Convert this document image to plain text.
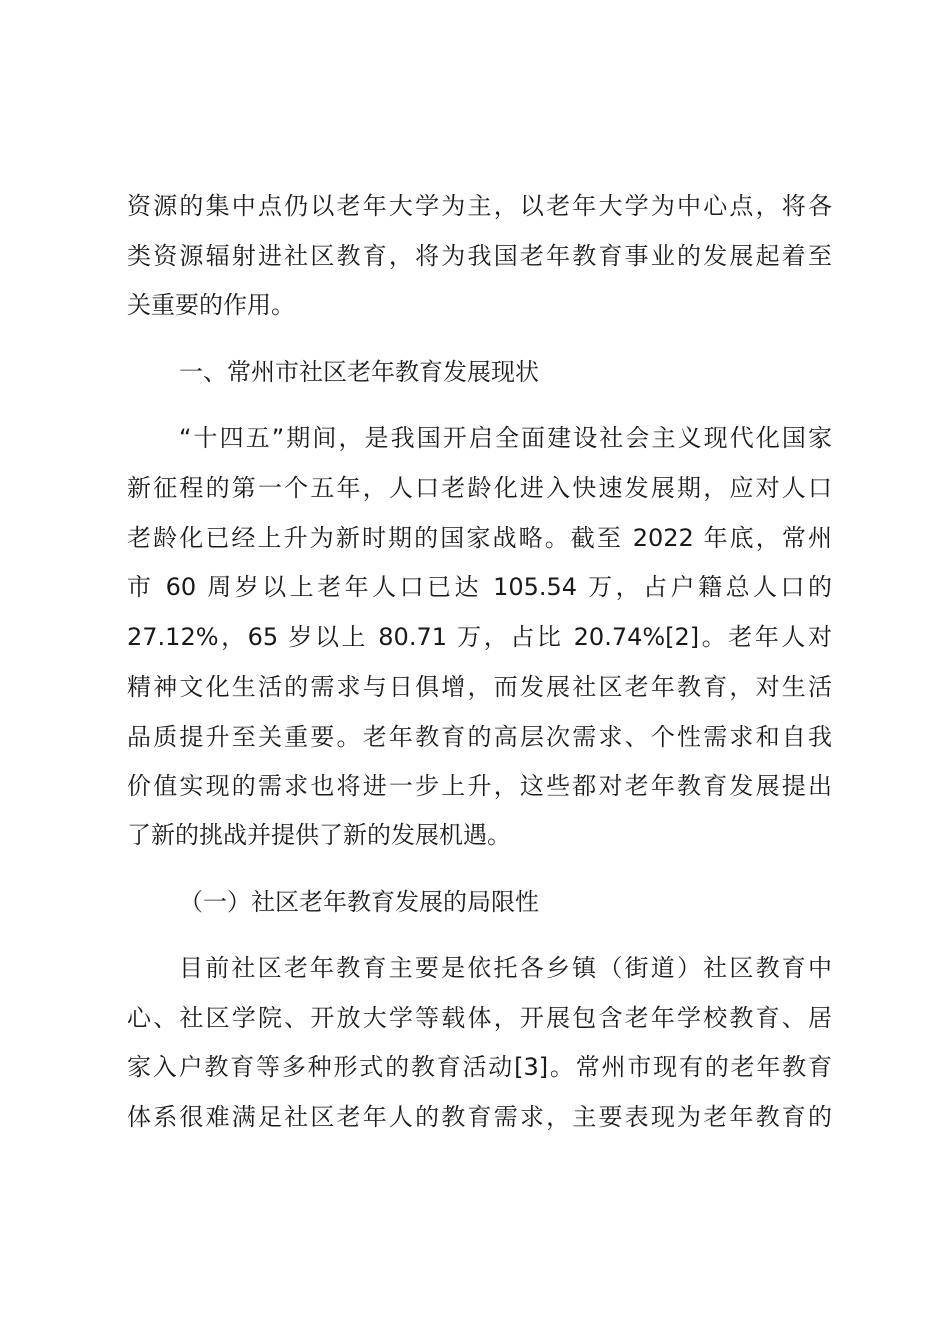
资源的集中点仍以老年大学为主，以老年大学为中心点，将各
类资源辐射进社区教育，将为我国老年教育事业的发展起着至
关重要的作用。
一、常州市社区老年教育发展现状
“十四五”期间，是我国开启全面建设社会主义现代化国家
新征程的第一个五年，人口老龄化进入快速发展期，应对人口
老龄化已经上升为新时期的国家战略。截至 2022 年底，常州
市 60 周岁以上老年人口已达 105.54 万，占户籍总人口的
27.12%，65 岁以上 80.71 万，占比 20.74%[2]。老年人对
精神文化生活的需求与日俱增，而发展社区老年教育，对生活
品质提升至关重要。老年教育的高层次需求、个性需求和自我
价值实现的需求也将进一步上升，这些都对老年教育发展提出
了新的挑战并提供了新的发展机遇。
（一）社区老年教育发展的局限性
目前社区老年教育主要是依托各乡镇（街道）社区教育中
心、社区学院、开放大学等载体，开展包含老年学校教育、居
家入户教育等多种形式的教育活动[3]。常州市现有的老年教育
体系很难满足社区老年人的教育需求，主要表现为老年教育的
